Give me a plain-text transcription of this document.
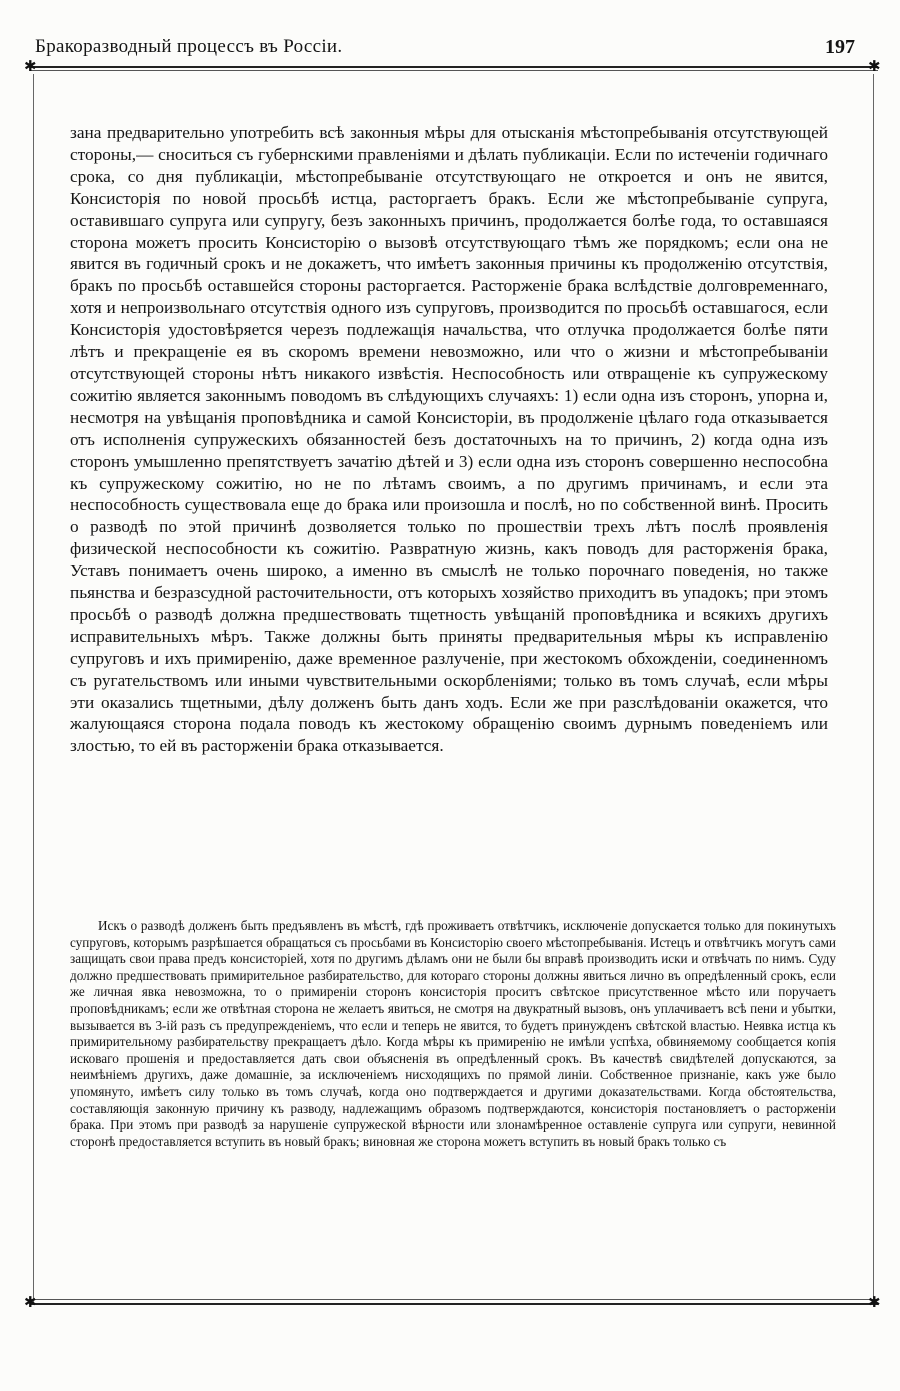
Бракоразводный процессъ въ Россіи.	197
✱	✱

зана предварительно употребить всѣ законныя мѣры для отысканія мѣстопребыванія отсутствующей стороны,— сноситься съ губернскими правленіями и дѣлать публикаціи. Если по истеченіи годичнаго срока, со дня публикаціи, мѣстопребываніе отсутствующаго не откроется и онъ не явится, Консисторія по новой просьбѣ истца, расторгаетъ бракъ. Если же мѣстопребываніе супруга, оставившаго супруга или супругу, безъ законныхъ причинъ, продолжается болѣе года, то оставшаяся сторона можетъ просить Консисторію о вызовѣ отсутствующаго тѣмъ же порядкомъ; если она не явится въ годичный срокъ и не докажетъ, что имѣетъ законныя причины къ продолженію отсутствія, бракъ по просьбѣ оставшейся стороны расторгается. Расторженіе брака вслѣдствіе долговременнаго, хотя и непроизвольнаго отсутствія одного изъ супруговъ, производится по просьбѣ оставшагося, если Консисторія удостовѣряется черезъ подлежащія начальства, что отлучка продолжается болѣе пяти лѣтъ и прекращеніе ея въ скоромъ времени невозможно, или что о жизни и мѣстопребываніи отсутствующей стороны нѣтъ никакого извѣстія. Неспособность или отвращеніе къ супружескому сожитію является законнымъ поводомъ въ слѣдующихъ случаяхъ: 1) если одна изъ сторонъ, упорна и, несмотря на увѣщанія проповѣдника и самой Консисторіи, въ продолженіе цѣлаго года отказывается отъ исполненія супружескихъ обязанностей безъ достаточныхъ на то причинъ, 2) когда одна изъ сторонъ умышленно препятствуетъ зачатію дѣтей и 3) если одна изъ сторонъ совершенно неспособна къ супружескому сожитію, но не по лѣтамъ своимъ, а по другимъ причинамъ, и если эта неспособность существовала еще до брака или произошла и послѣ, но по собственной винѣ. Просить о разводѣ по этой причинѣ дозволяется только по прошествіи трехъ лѣтъ послѣ проявленія физической неспособности къ сожитію. Развратную жизнь, какъ поводъ для расторженія брака, Уставъ понимаетъ очень широко, а именно въ смыслѣ не только порочнаго поведенія, но также пьянства и безразсудной расточительности, отъ которыхъ хозяйство приходитъ въ упадокъ; при этомъ просьбѣ о разводѣ должна предшествовать тщетность увѣщаній проповѣдника и всякихъ другихъ исправительныхъ мѣръ. Также должны быть приняты предварительныя мѣры къ исправленію супруговъ и ихъ примиренію, даже временное разлученіе, при жестокомъ обхожденіи, соединенномъ съ ругательствомъ или иными чувствительными оскорбленіями; только въ томъ случаѣ, если мѣры эти оказались тщетными, дѣлу долженъ быть данъ ходъ. Если же при разслѣдованіи окажется, что жалующаяся сторона подала поводъ къ жестокому обращенію своимъ дурнымъ поведеніемъ или злостью, то ей въ расторженіи брака отказывается.

Искъ о разводѣ долженъ быть предъявленъ въ мѣстѣ, гдѣ проживаетъ отвѣтчикъ, исключеніе допускается только для покинутыхъ супруговъ, которымъ разрѣшается обращаться съ просьбами въ Консисторію своего мѣстопребыванія. Истецъ и отвѣтчикъ могутъ сами защищать свои права предъ консисторіей, хотя по другимъ дѣламъ они не были бы вправѣ производить иски и отвѣчать по нимъ. Суду должно предшествовать примирительное разбирательство, для котораго стороны должны явиться лично въ опредѣленный срокъ, если же личная явка невозможна, то о примиреніи сторонъ консисторія проситъ свѣтское присутственное мѣсто или поручаетъ проповѣдникамъ; если же отвѣтная сторона не желаетъ явиться, не смотря на двукратный вызовъ, онъ уплачиваетъ всѣ пени и убытки, вызывается въ 3-ій разъ съ предупрежденіемъ, что если и теперь не явится, то будетъ принужденъ свѣтской властью. Неявка истца къ примирительному разбирательству прекращаетъ дѣло. Когда мѣры къ примиренію не имѣли успѣха, обвиняемому сообщается копія исковаго прошенія и предоставляется дать свои объясненія въ опредѣленный срокъ. Въ качествѣ свидѣтелей допускаются, за неимѣніемъ другихъ, даже домашніе, за исключеніемъ нисходящихъ по прямой линіи. Собственное признаніе, какъ уже было упомянуто, имѣетъ силу только въ томъ случаѣ, когда оно подтверждается и другими доказательствами. Когда обстоятельства, составляющія законную причину къ разводу, надлежащимъ образомъ подтверждаются, консисторія постановляетъ о расторженіи брака. При этомъ при разводѣ за нарушеніе супружеской вѣрности или злонамѣренное оставленіе супруга или супруги, невинной сторонѣ предоставляется вступить въ новый бракъ; виновная же сторона можетъ вступить въ новый бракъ только съ

✱	✱
